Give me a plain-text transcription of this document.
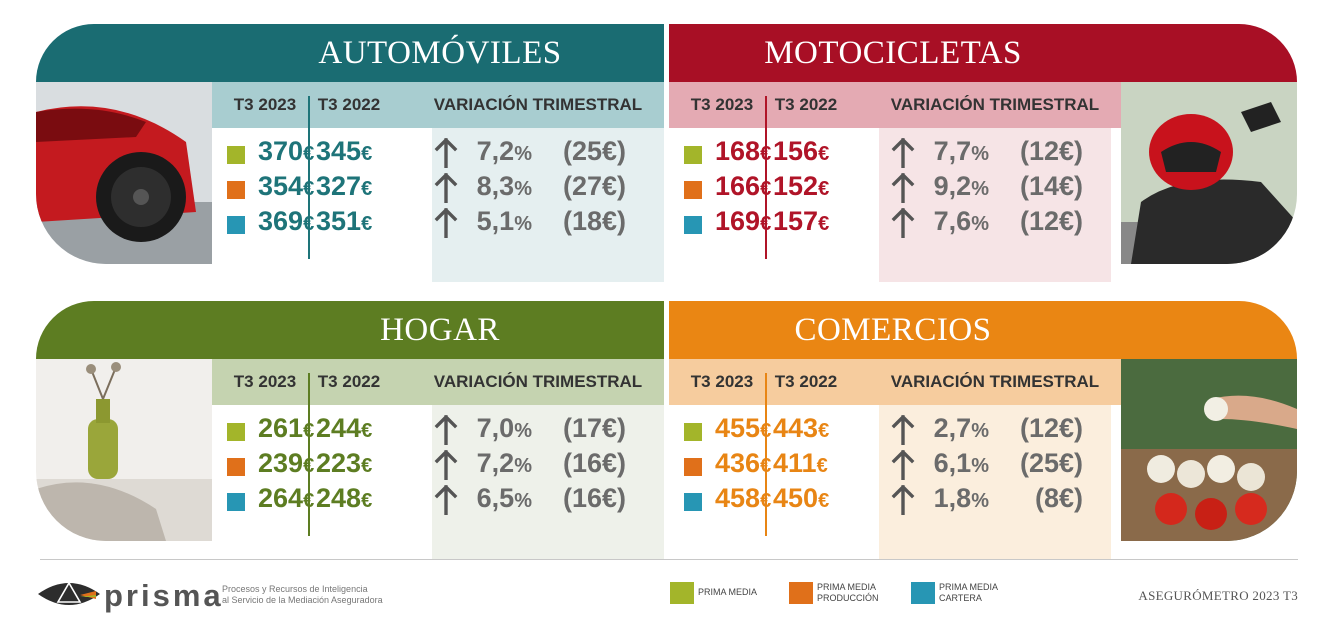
AUTOMÓVILES
T3 2023	T3 2022	VARIACIÓN TRIMESTRAL
370€ 345€	7,2%	(25€)
354€ 327€	8,3%	(27€)
369€ 351€	5,1%	(18€)
MOTOCICLETAS
T3 2023	T3 2022	VARIACIÓN TRIMESTRAL
168€ 156€	7,7%	(12€)
166€ 152€	9,2%	(14€)
169€ 157€	7,6%	(12€)
HOGAR
T3 2023	T3 2022	VARIACIÓN TRIMESTRAL
261€ 244€	7,0%	(17€)
239€ 223€	7,2%	(16€)
264€ 248€	6,5%	(16€)
COMERCIOS
T3 2023	T3 2022	VARIACIÓN TRIMESTRAL
455€ 443€	2,7%	(12€)
436€ 411€	6,1%	(25€)
458€ 450€	1,8%	(8€)
prisma
Procesos y Recursos de Inteligencia
al Servicio de la Mediación Aseguradora
PRIMA MEDIA	PRIMA MEDIA
PRODUCCIÓN
PRIMA MEDIA
CARTERA	ASEGURÓMETRO 2023 T3
